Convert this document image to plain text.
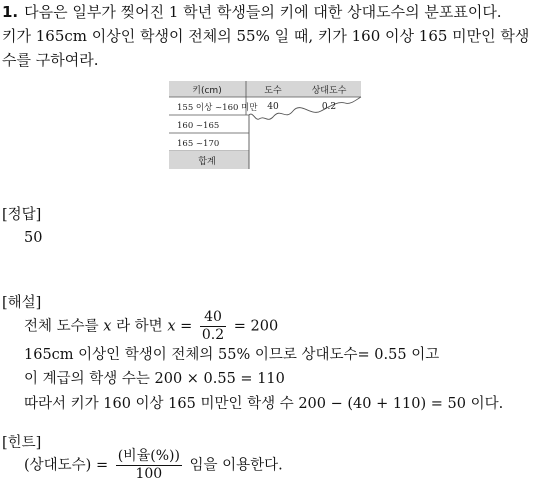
1. 다음은 일부가 찢어진 1 학년 학생들의 키에 대한 상대도수의 분포표이다.
키가 165cm 이상인 학생이 전체의 55% 일 때, 키가 160 이상 165 미만인 학생
수를 구하여라.
키(cm)	도수	상대도수
155 이상 ~160 미만 40	0.2
160 ~165
165 ~170
합계
[정답]
50
[해설]
전체 도수를 x 라 하면 $x = \frac{40}{0.2} = 200$
165cm 이상인 학생이 전체의 55% 이므로 상대도수= 0.55 이고
이 계급의 학생 수는 200 × 0.55 = 110
따라서 키가 160 이상 165 미만인 학생 수 200 − (40 + 110) = 50 이다.
[힌트]
(상대도수) = $\frac{\text{(비율(\%))}}{100}$ 임을 이용한다.
